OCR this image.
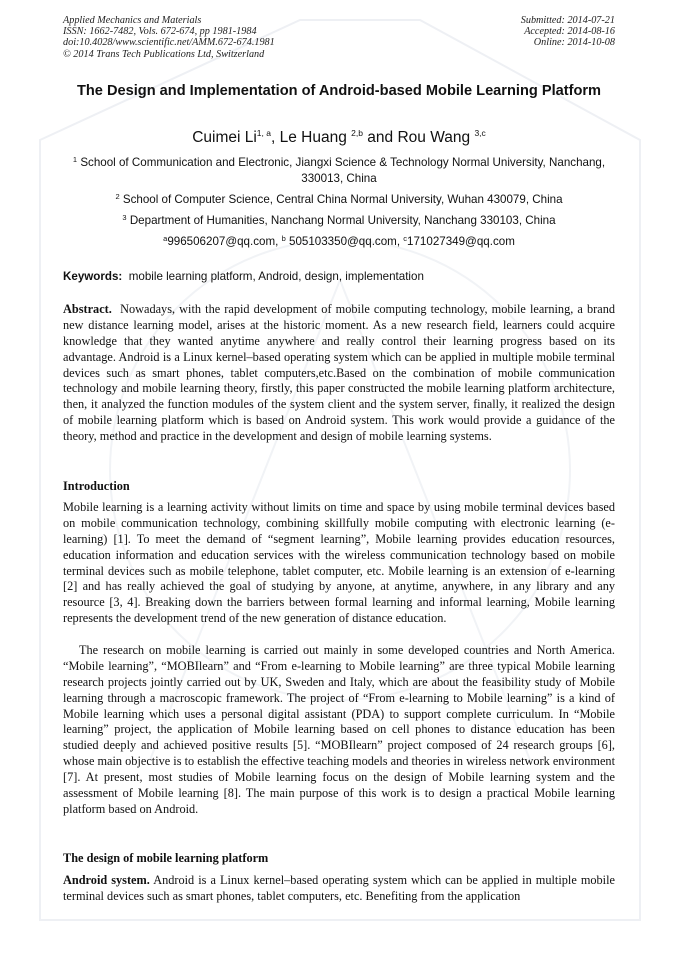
Applied Mechanics and Materials
ISSN: 1662-7482, Vols. 672-674, pp 1981-1984
doi:10.4028/www.scientific.net/AMM.672-674.1981
© 2014 Trans Tech Publications Ltd, Switzerland
Submitted: 2014-07-21
Accepted: 2014-08-16
Online: 2014-10-08
The Design and Implementation of Android-based Mobile Learning Platform
Cuimei Li$^{1, a}$, Le Huang $^{2,b}$ and Rou Wang $^{3,c}$
$^1$ School of Communication and Electronic, Jiangxi Science & Technology Normal University, Nanchang, 330013, China
$^2$ School of Computer Science, Central China Normal University, Wuhan 430079, China
$^3$ Department of Humanities, Nanchang Normal University, Nanchang 330103, China
$^a$996506207@qq.com, $^b$ 505103350@qq.com, $^c$171027349@qq.com
Keywords: mobile learning platform, Android, design, implementation

Abstract. Nowadays, with the rapid development of mobile computing technology, mobile learning, a brand new distance learning model, arises at the historic moment. As a new research field, learners could acquire knowledge that they wanted anytime anywhere and really control their learning progress based on its advantage. Android is a Linux kernel–based operating system which can be applied in multiple mobile terminal devices such as smart phones, tablet computers,etc.Based on the combination of mobile communication technology and mobile learning theory, firstly, this paper constructed the mobile learning platform architecture, then, it analyzed the function modules of the system client and the system server, finally, it realized the design of mobile learning platform which is based on Android system. This work would provide a guidance of the theory, method and practice in the development and design of mobile learning systems.

Introduction

Mobile learning is a learning activity without limits on time and space by using mobile terminal devices based on mobile communication technology, combining skillfully mobile computing with electronic learning (e-learning) [1]. To meet the demand of “segment learning”, Mobile learning provides education resources, education information and education services with the wireless communication technology based on mobile terminal devices such as mobile telephone, tablet computer, etc. Mobile learning is an extension of e-learning [2] and has really achieved the goal of studying by anyone, at anytime, anywhere, in any library and any resource [3, 4]. Breaking down the barriers between formal learning and informal learning, Mobile learning represents the development trend of the new generation of distance education.

The research on mobile learning is carried out mainly in some developed countries and North America. “Mobile learning”, “MOBIlearn” and “From e-learning to Mobile learning” are three typical Mobile learning research projects jointly carried out by UK, Sweden and Italy, which are about the feasibility study of Mobile learning through a macroscopic framework. The project of “From e-learning to Mobile learning” is a kind of Mobile learning which uses a personal digital assistant (PDA) to support complete curriculum. In “Mobile learning” project, the application of Mobile learning based on cell phones to distance education has been studied deeply and achieved positive results [5]. “MOBIlearn” project composed of 24 research groups [6], whose main objective is to establish the effective teaching models and theories in wireless network environment [7]. At present, most studies of Mobile learning focus on the design of Mobile learning system and the assessment of Mobile learning [8]. The main purpose of this work is to design a practical Mobile learning platform based on Android.

The design of mobile learning platform

Android system. Android is a Linux kernel–based operating system which can be applied in multiple mobile terminal devices such as smart phones, tablet computers, etc. Benefiting from the application
